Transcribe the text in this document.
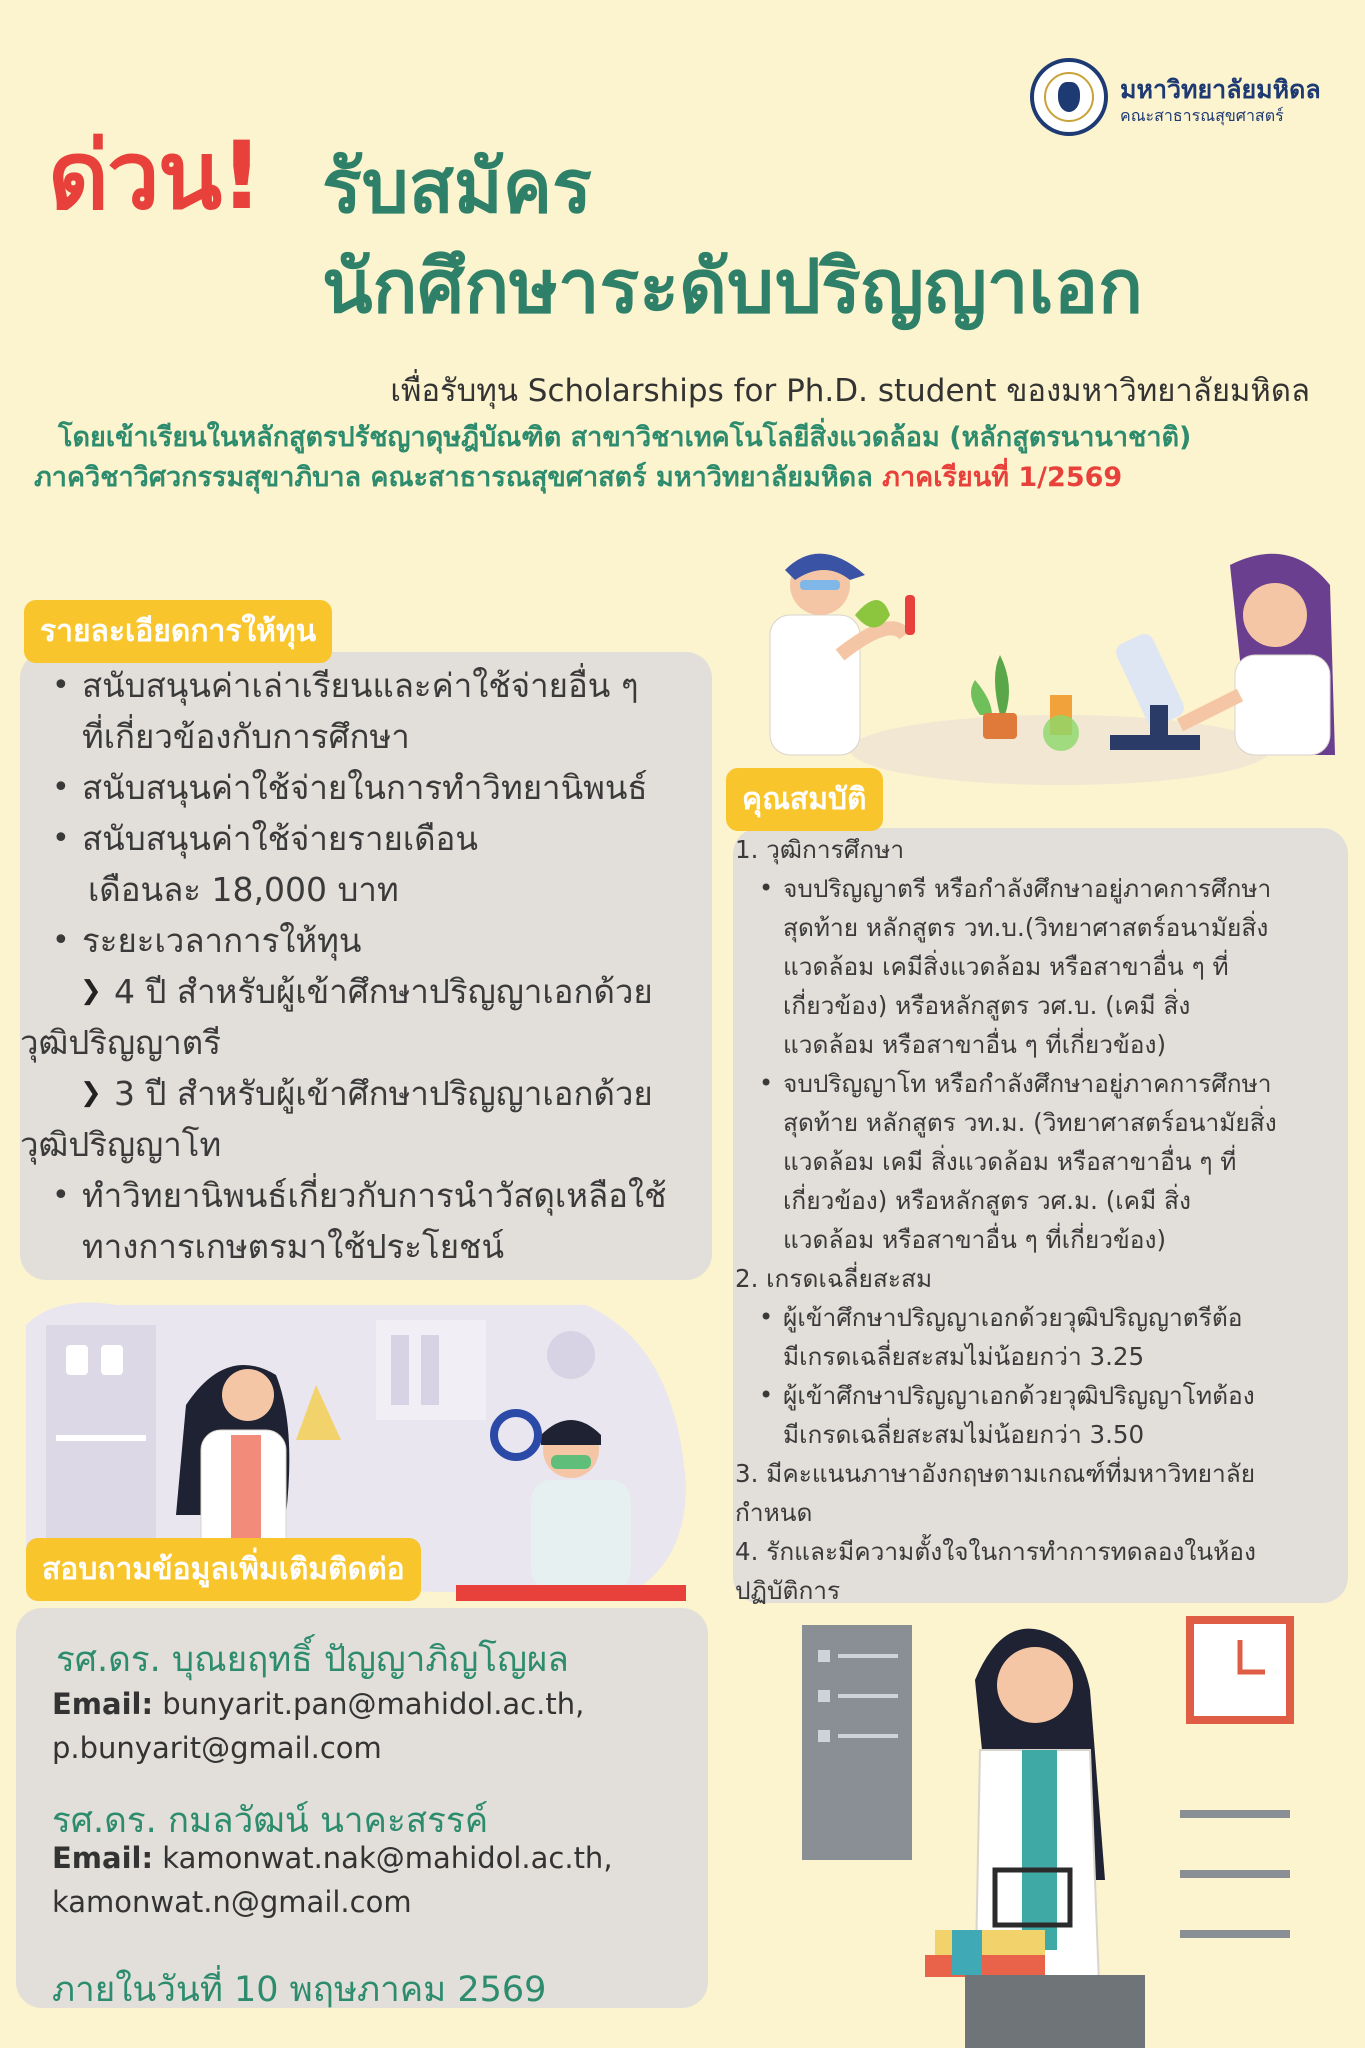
มหาวิทยาลัยมหิดล
คณะสาธารณสุขศาสตร์
ด่วน! รับสมัคร
นักศึกษาระดับปริญญาเอก
เพื่อรับทุน Scholarships for Ph.D. student ของมหาวิทยาลัยมหิดล
โดยเข้าเรียนในหลักสูตรปรัชญาดุษฎีบัณฑิต สาขาวิชาเทคโนโลยีสิ่งแวดล้อม (หลักสูตรนานาชาติ)
ภาควิชาวิศวกรรมสุขาภิบาล คณะสาธารณสุขศาสตร์ มหาวิทยาลัยมหิดล ภาคเรียนที่ 1/2569
รายละเอียดการให้ทุน
• สนับสนุนค่าเล่าเรียนและค่าใช้จ่ายอื่น ๆ
ที่เกี่ยวข้องกับการศึกษา
• สนับสนุนค่าใช้จ่ายในการทำวิทยานิพนธ์
• สนับสนุนค่าใช้จ่ายรายเดือน
เดือนละ 18,000 บาท
• ระยะเวลาการให้ทุน
❯ 4 ปี สำหรับผู้เข้าศึกษาปริญญาเอกด้วย
วุฒิปริญญาตรี
❯ 3 ปี สำหรับผู้เข้าศึกษาปริญญาเอกด้วย
วุฒิปริญญาโท
• ทำวิทยานิพนธ์เกี่ยวกับการนำวัสดุเหลือใช้
ทางการเกษตรมาใช้ประโยชน์
คุณสมบัติ
1. วุฒิการศึกษา
• จบปริญญาตรี หรือกำลังศึกษาอยู่ภาคการศึกษา
สุดท้าย หลักสูตร วท.บ.(วิทยาศาสตร์อนามัยสิ่ง
แวดล้อม เคมีสิ่งแวดล้อม หรือสาขาอื่น ๆ ที่
เกี่ยวข้อง) หรือหลักสูตร วศ.บ. (เคมี สิ่ง
แวดล้อม หรือสาขาอื่น ๆ ที่เกี่ยวข้อง)
• จบปริญญาโท หรือกำลังศึกษาอยู่ภาคการศึกษา
สุดท้าย หลักสูตร วท.ม. (วิทยาศาสตร์อนามัยสิ่ง
แวดล้อม เคมี สิ่งแวดล้อม หรือสาขาอื่น ๆ ที่
เกี่ยวข้อง) หรือหลักสูตร วศ.ม. (เคมี สิ่ง
แวดล้อม หรือสาขาอื่น ๆ ที่เกี่ยวข้อง)
2. เกรดเฉลี่ยสะสม
• ผู้เข้าศึกษาปริญญาเอกด้วยวุฒิปริญญาตรีต้อ
มีเกรดเฉลี่ยสะสมไม่น้อยกว่า 3.25
• ผู้เข้าศึกษาปริญญาเอกด้วยวุฒิปริญญาโทต้อง
มีเกรดเฉลี่ยสะสมไม่น้อยกว่า 3.50
3. มีคะแนนภาษาอังกฤษตามเกณฑ์ที่มหาวิทยาลัย
กำหนด
4. รักและมีความตั้งใจในการทำการทดลองในห้อง
ปฏิบัติการ
สอบถามข้อมูลเพิ่มเติมติดต่อ
รศ.ดร. บุณยฤทธิ์ ปัญญาภิญโญผล
Email: bunyarit.pan@mahidol.ac.th,
p.bunyarit@gmail.com
รศ.ดร. กมลวัฒน์ นาคะสรรค์
Email: kamonwat.nak@mahidol.ac.th,
kamonwat.n@gmail.com
ภายในวันที่ 10 พฤษภาคม 2569
